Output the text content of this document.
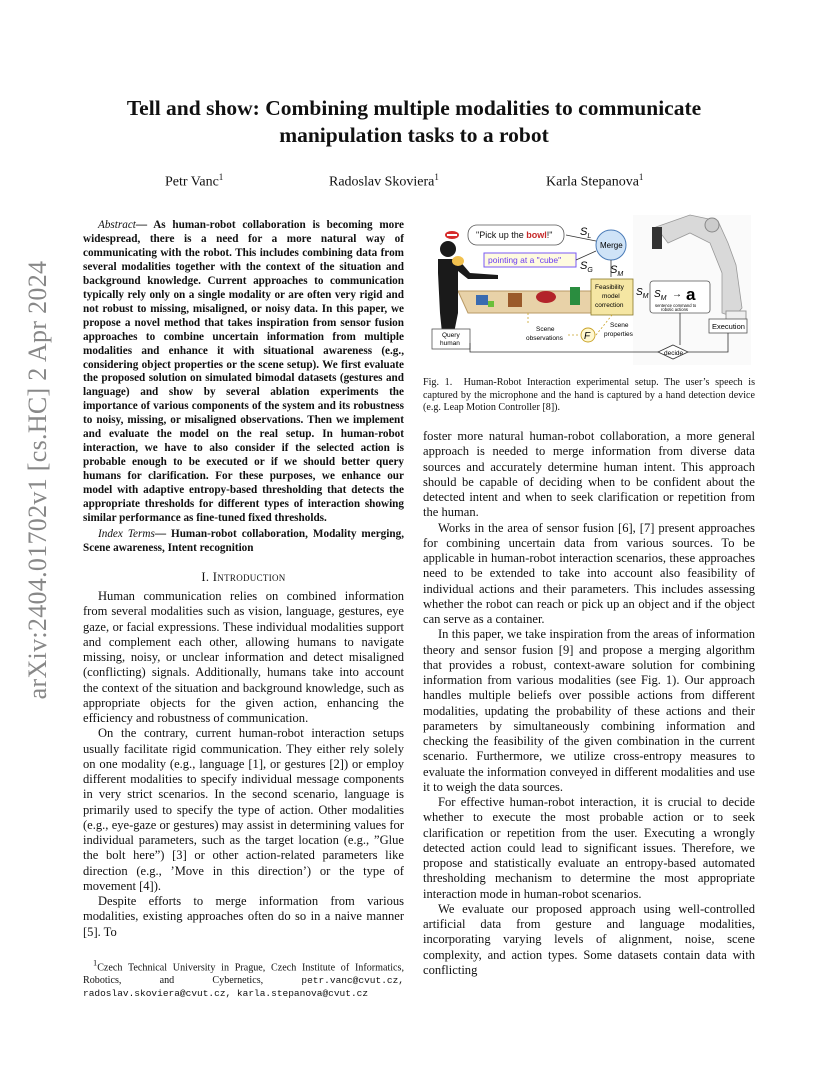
arXiv:2404.01702v1 [cs.HC] 2 Apr 2024
Tell and show: Combining multiple modalities to communicate manipulation tasks to a robot
Petr Vanc$^1$	Radoslav Skoviera$^1$	Karla Stepanova$^1$

Abstract— As human-robot collaboration is becoming more widespread, there is a need for a more natural way of communicating with the robot. This includes combining data from several modalities together with the context of the situation and background knowledge. Current approaches to communication typically rely only on a single modality or are often very rigid and not robust to missing, misaligned, or noisy data. In this paper, we propose a novel method that takes inspiration from sensor fusion approaches to combine uncertain information from multiple modalities and enhance it with situational awareness (e.g., considering object properties or the scene setup). We first evaluate the proposed solution on simulated bimodal datasets (gestures and language) and show by several ablation experiments the importance of various components of the system and its robustness to noisy, missing, or misaligned observations. Then we implement and evaluate the model on the real setup. In human-robot interaction, we have to also consider if the selected action is probable enough to be executed or if we should better query humans for clarification. For these purposes, we enhance our model with adaptive entropy-based thresholding that detects the appropriate thresholds for different types of interaction showing similar performance as fine-tuned fixed thresholds.

Index Terms— Human-robot collaboration, Modality merging, Scene awareness, Intent recognition

I. Introduction

Human communication relies on combined information from several modalities such as vision, language, gestures, eye gaze, or facial expressions. These individual modalities support and complement each other, allowing humans to navigate missing, noisy, or unclear information and detect misaligned (conflicting) signals. Additionally, humans take into account the context of the situation and background knowledge, such as appropriate objects for the given action, enhancing the efficiency and robustness of communication.

On the contrary, current human-robot interaction setups usually facilitate rigid communication. They either rely solely on one modality (e.g., language [1], or gestures [2]) or employ different modalities to specify individual message components in very strict scenarios. In the second scenario, language is primarily used to specify the type of action. Other modalities (e.g., eye-gaze or gestures) may assist in determining values for individual parameters, such as the target location (e.g., ”Glue the bolt here”) [3] or other action-related parameters like direction (e.g., ’Move in this direction’) or the type of movement [4]).

Despite efforts to merge information from various modalities, existing approaches often do so in a naive manner [5]. To

$^1$Czech Technical University in Prague, Czech Institute of Informatics, Robotics, and Cybernetics,	petr.vanc@cvut.cz, radoslav.skoviera@cvut.cz, karla.stepanova@cvut.cz
"Pick up the bowl!"
pointing at a "cube"
$S_L$
$S_G$ $S_M$
Merge
Feasibility
model
correction
$S_M$ $S_M \to a$
sentence command to
robotic actions
Execution
Query
human
F
Scene
observations
Scene
properties
decide
Fig. 1. Human-Robot Interaction experimental setup. The user’s speech is captured by the microphone and the hand is captured by a hand detection device (e.g. Leap Motion Controller [8]).

foster more natural human-robot collaboration, a more general approach is needed to merge information from diverse data sources and accurately determine human intent. This approach should be capable of deciding when to be confident about the detected intent and when to seek clarification or repetition from the human.

Works in the area of sensor fusion [6], [7] present approaches for combining uncertain data from various sources. To be applicable in human-robot interaction scenarios, these approaches need to be extended to take into account also feasibility of individual actions and their parameters. This includes assessing whether the robot can reach or pick up an object and if the object can serve as a container.

In this paper, we take inspiration from the areas of information theory and sensor fusion [9] and propose a merging algorithm that provides a robust, context-aware solution for combining information from various modalities (see Fig. 1). Our approach handles multiple beliefs over possible actions from different modalities, updating the probability of these actions and their parameters by simultaneously combining information and checking the feasibility of the given combination in the current scenario. Furthermore, we utilize cross-entropy measures to evaluate the information conveyed in different modalities and use it to weigh the data sources.

For effective human-robot interaction, it is crucial to decide whether to execute the most probable action or to seek clarification or repetition from the user. Executing a wrongly detected action could lead to significant issues. Therefore, we propose and statistically evaluate an entropy-based automated thresholding mechanism to determine the most appropriate interaction mode in human-robot scenarios.

We evaluate our proposed approach using well-controlled artificial data from gesture and language modalities, incorporating varying levels of alignment, noise, scene complexity, and action types. Some datasets contain data with conflicting
